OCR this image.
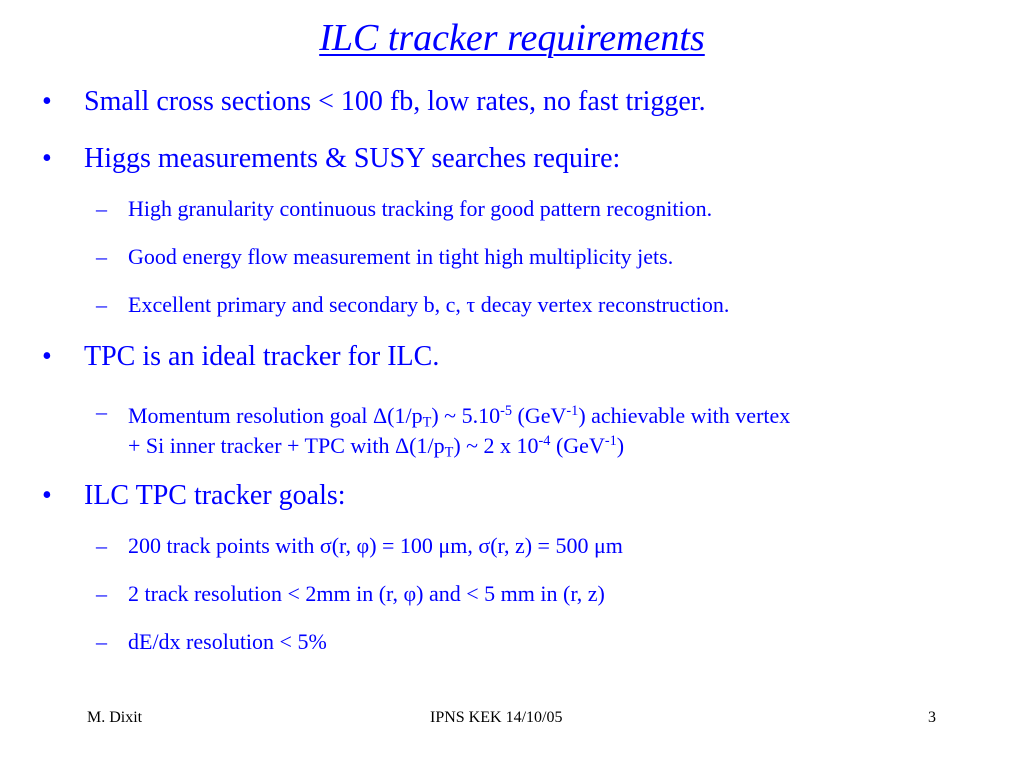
ILC tracker requirements
• Small cross sections < 100 fb, low rates, no fast trigger.
• Higgs measurements & SUSY searches require:
– High granularity continuous tracking for good pattern recognition.
– Good energy flow measurement in tight high multiplicity jets.
– Excellent primary and secondary b, c, τ decay vertex reconstruction.
• TPC is an ideal tracker for ILC.
– Momentum resolution goal $\Delta(1/p_T)$ ~ $5.10^{-5}$ (GeV$^{-1}$) achievable with vertex
+ Si inner tracker + TPC with $\Delta(1/p_T)$ ~ 2 x $10^{-4}$ (GeV$^{-1}$)
• ILC TPC tracker goals:
– 200 track points with σ(r, φ) = 100 μm, σ(r, z) = 500 μm
– 2 track resolution < 2mm in (r, φ) and < 5 mm in (r, z)
– dE/dx resolution < 5%
M. Dixit	IPNS KEK 14/10/05	3
